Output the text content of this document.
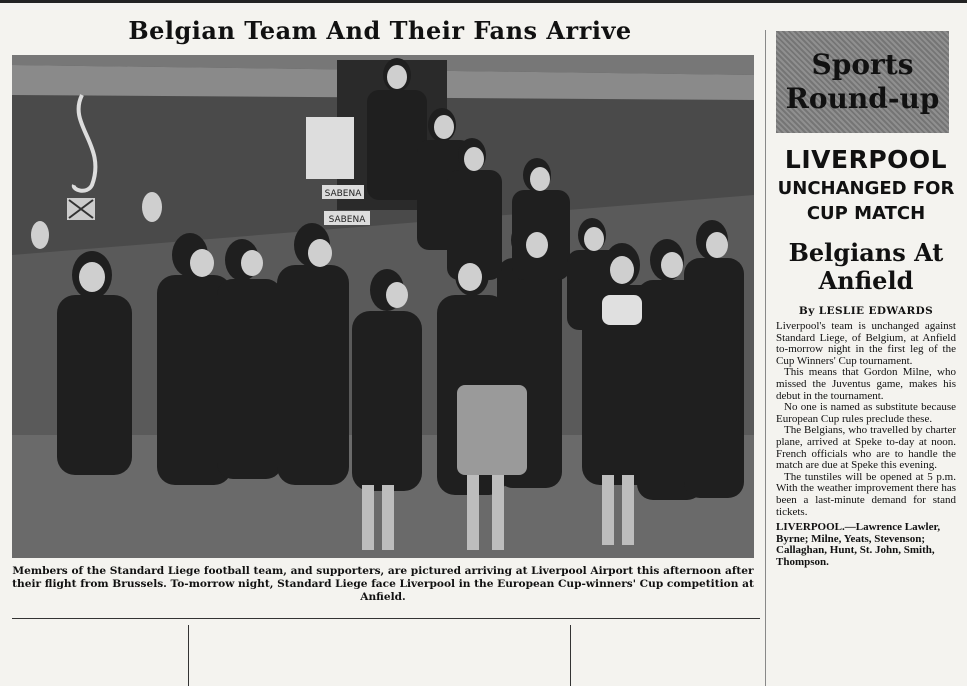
Belgian Team And Their Fans Arrive
SABENA
SABENA
Members of the Standard Liege football team, and supporters, are pictured arriving at Liverpool Airport this afternoon after their flight from Brussels. To-morrow night, Standard Liege face Liverpool in the European Cup-winners' Cup competition at Anfield.
Sports
Round-up
LIVERPOOL
UNCHANGED FOR
CUP MATCH
Belgians At
Anfield
By LESLIE EDWARDS

Liverpool's team is unchanged against Standard Liege, of Belgium, at Anfield to-morrow night in the first leg of the Cup Winners' Cup tournament.

This means that Gordon Milne, who missed the Juventus game, makes his debut in the tournament.

No one is named as substitute because European Cup rules preclude these.

The Belgians, who travelled by charter plane, arrived at Speke to-day at noon. French officials who are to handle the match are due at Speke this evening.

The tunstiles will be opened at 5 p.m. With the weather improvement there has been a last-minute demand for stand tickets.

LIVERPOOL.—Lawrence Lawler, Byrne; Milne, Yeats, Stevenson; Callaghan, Hunt, St. John, Smith, Thompson.
